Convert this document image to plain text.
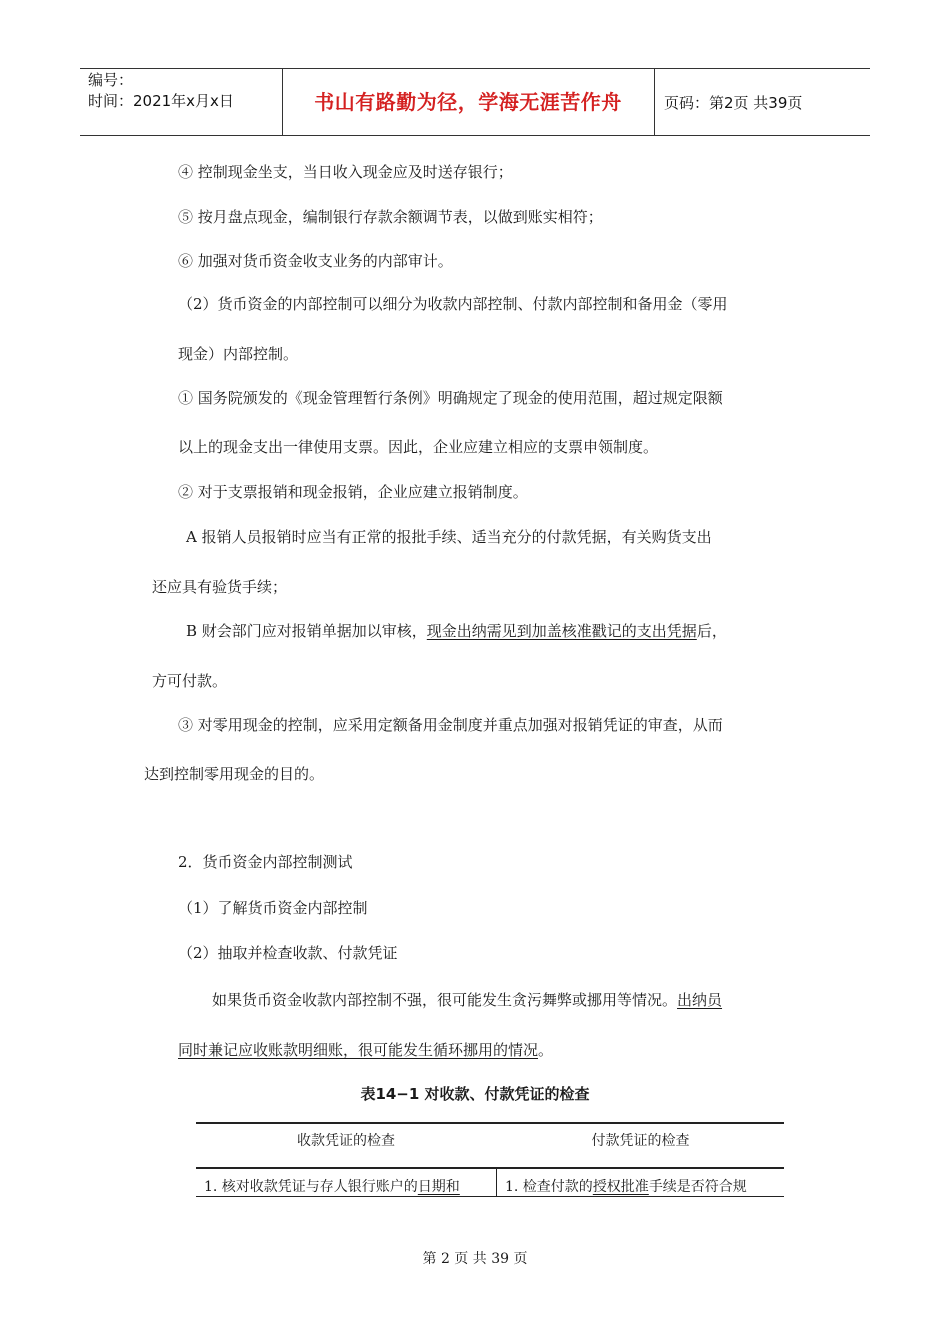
编号：
时间：2021年x月x日	书山有路勤为径，学海无涯苦作舟	页码：第2页 共39页
④ 控制现金坐支，当日收入现金应及时送存银行；
⑤ 按月盘点现金，编制银行存款余额调节表，以做到账实相符；
⑥ 加强对货币资金收支业务的内部审计。
（2）货币资金的内部控制可以细分为收款内部控制、付款内部控制和备用金（零用
现金）内部控制。
① 国务院颁发的《现金管理暂行条例》明确规定了现金的使用范围，超过规定限额
以上的现金支出一律使用支票。因此，企业应建立相应的支票申领制度。
② 对于支票报销和现金报销，企业应建立报销制度。
A 报销人员报销时应当有正常的报批手续、适当充分的付款凭据，有关购货支出
还应具有验货手续；
B 财会部门应对报销单据加以审核，现金出纳需见到加盖核准戳记的支出凭据后，
方可付款。
③ 对零用现金的控制，应采用定额备用金制度并重点加强对报销凭证的审查，从而
达到控制零用现金的目的。
2．货币资金内部控制测试
（1）了解货币资金内部控制
（2）抽取并检查收款、付款凭证
如果货币资金收款内部控制不强，很可能发生贪污舞弊或挪用等情况。出纳员
同时兼记应收账款明细账，很可能发生循环挪用的情况。
表14−1 对收款、付款凭证的检查
收款凭证的检查	付款凭证的检查
1. 核对收款凭证与存人银行账户的日期和	1. 检查付款的授权批准手续是否符合规
第 2 页 共 39 页
